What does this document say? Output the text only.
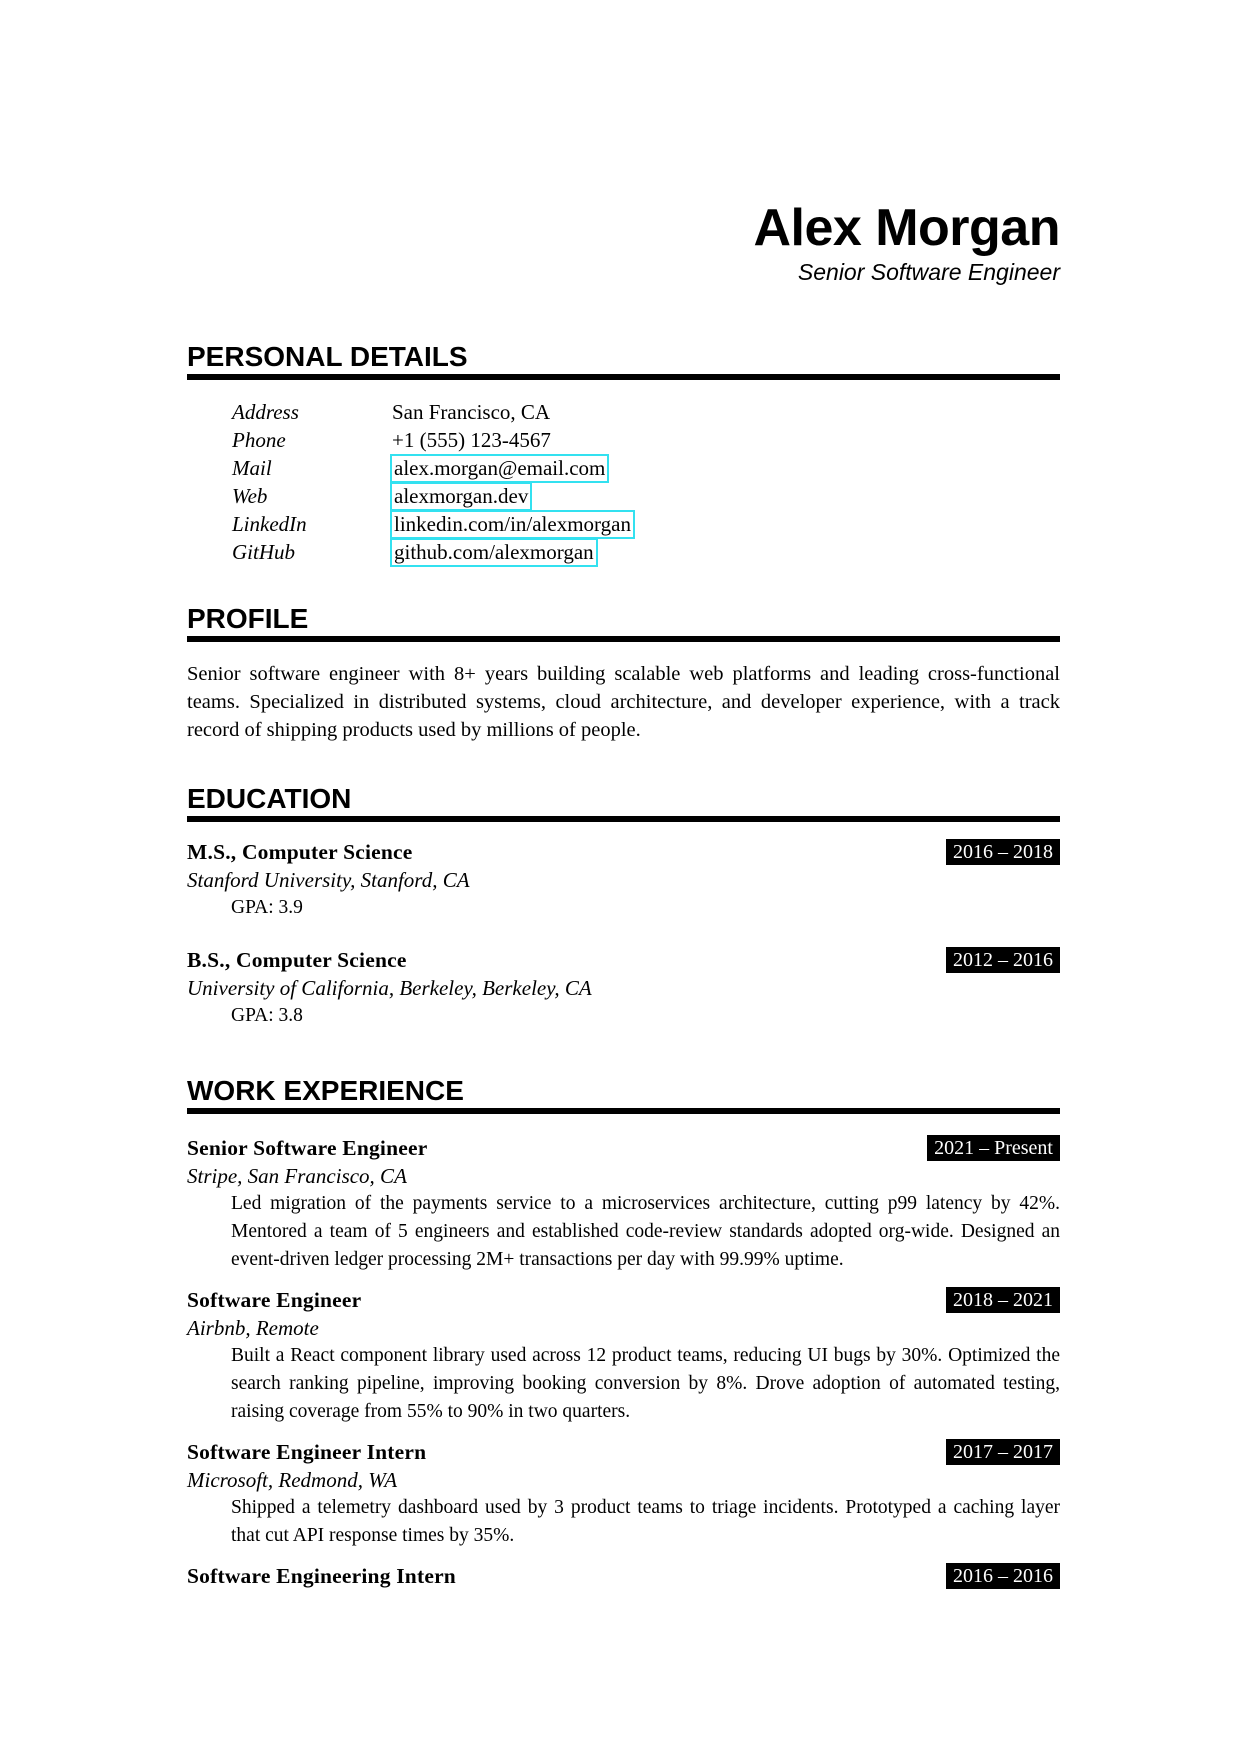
Alex Morgan
Senior Software Engineer
PERSONAL DETAILS
Address	San Francisco, CA
Phone	+1 (555) 123-4567
Mail	alex.morgan@email.com
Web	alexmorgan.dev
LinkedIn	linkedin.com/in/alexmorgan
GitHub	github.com/alexmorgan
PROFILE
Senior software engineer with 8+ years building scalable web platforms and leading cross-functional teams. Specialized in distributed systems, cloud architecture, and developer experience, with a track record of shipping products used by millions of people.
EDUCATION
M.S., Computer Science	2016 – 2018
Stanford University, Stanford, CA
GPA: 3.9
B.S., Computer Science	2012 – 2016
University of California, Berkeley, Berkeley, CA
GPA: 3.8
WORK EXPERIENCE
Senior Software Engineer	2021 – Present
Stripe, San Francisco, CA
Led migration of the payments service to a microservices architecture, cutting p99 latency by 42%. Mentored a team of 5 engineers and established code-review standards adopted org-wide. Designed an event-driven ledger processing 2M+ transactions per day with 99.99% uptime.
Software Engineer	2018 – 2021
Airbnb, Remote
Built a React component library used across 12 product teams, reducing UI bugs by 30%. Optimized the search ranking pipeline, improving booking conversion by 8%. Drove adoption of automated testing, raising coverage from 55% to 90% in two quarters.
Software Engineer Intern	2017 – 2017
Microsoft, Redmond, WA
Shipped a telemetry dashboard used by 3 product teams to triage incidents. Prototyped a caching layer that cut API response times by 35%.
Software Engineering Intern	2016 – 2016
